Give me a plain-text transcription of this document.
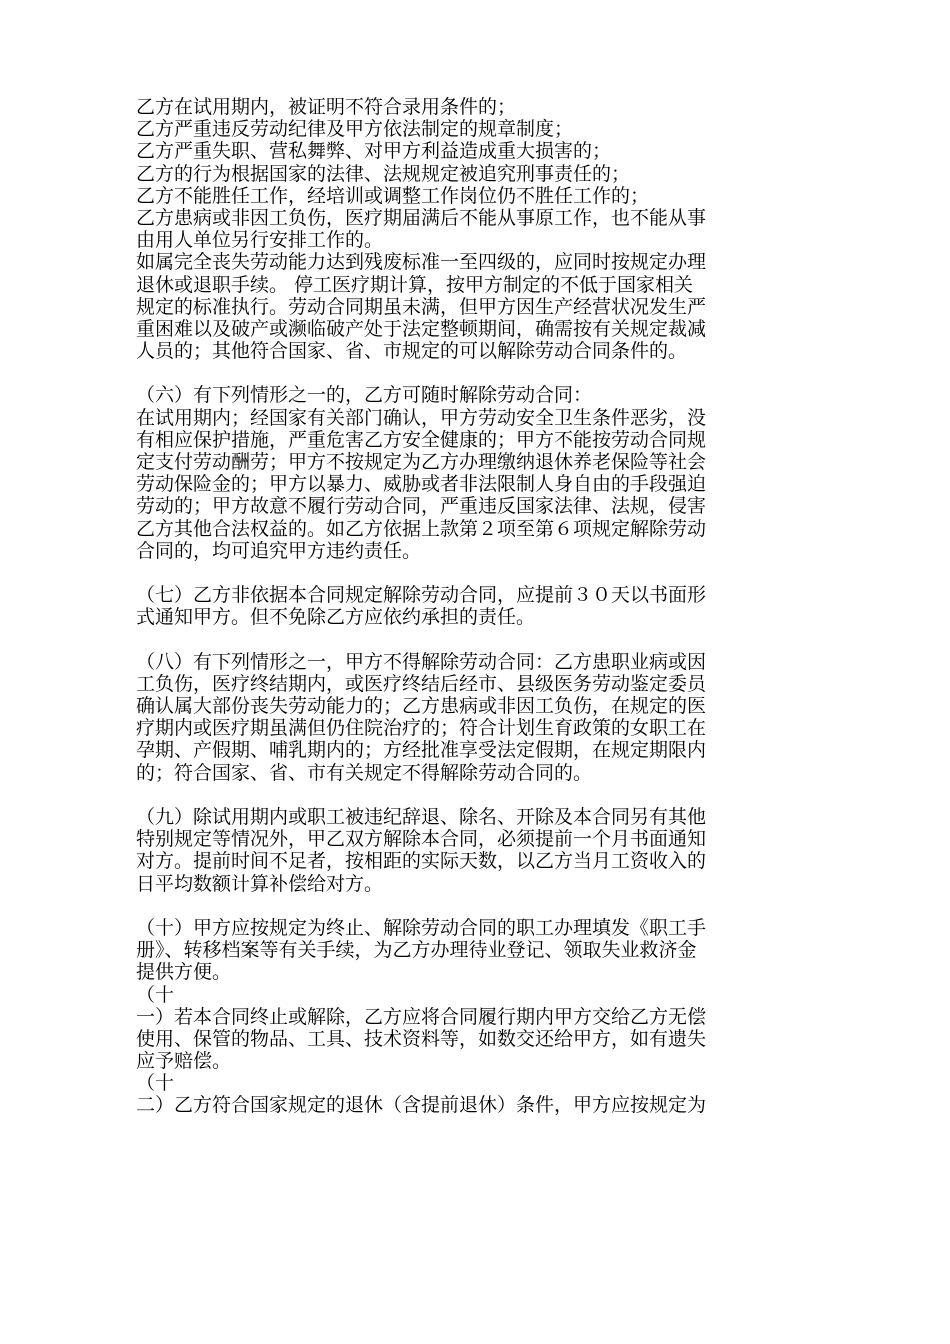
乙方在试用期内，被证明不符合录用条件的；
乙方严重违反劳动纪律及甲方依法制定的规章制度；
乙方严重失职、营私舞弊、对甲方利益造成重大损害的；
乙方的行为根据国家的法律、法规规定被追究刑事责任的；
乙方不能胜任工作，经培训或调整工作岗位仍不胜任工作的；
乙方患病或非因工负伤，医疗期届满后不能从事原工作，也不能从事
由用人单位另行安排工作的。
如属完全丧失劳动能力达到残废标准一至四级的，应同时按规定办理
退休或退职手续。 停工医疗期计算，按甲方制定的不低于国家相关
规定的标准执行。劳动合同期虽未满，但甲方因生产经营状况发生严
重困难以及破产或濒临破产处于法定整顿期间，确需按有关规定裁减
人员的；其他符合国家、省、市规定的可以解除劳动合同条件的。
（六）有下列情形之一的，乙方可随时解除劳动合同：
在试用期内；经国家有关部门确认，甲方劳动安全卫生条件恶劣，没
有相应保护措施，严重危害乙方安全健康的；甲方不能按劳动合同规
定支付劳动酬劳；甲方不按规定为乙方办理缴纳退休养老保险等社会
劳动保险金的；甲方以暴力、威胁或者非法限制人身自由的手段强迫
劳动的；甲方故意不履行劳动合同，严重违反国家法律、法规，侵害
乙方其他合法权益的。如乙方依据上款第２项至第６项规定解除劳动
合同的，均可追究甲方违约责任。
（七）乙方非依据本合同规定解除劳动合同，应提前３０天以书面形
式通知甲方。但不免除乙方应依约承担的责任。
（八）有下列情形之一，甲方不得解除劳动合同：乙方患职业病或因
工负伤，医疗终结期内，或医疗终结后经市、县级医务劳动鉴定委员
确认属大部份丧失劳动能力的；乙方患病或非因工负伤，在规定的医
疗期内或医疗期虽满但仍住院治疗的；符合计划生育政策的女职工在
孕期、产假期、哺乳期内的；方经批准享受法定假期，在规定期限内
的；符合国家、省、市有关规定不得解除劳动合同的。
（九）除试用期内或职工被违纪辞退、除名、开除及本合同另有其他
特别规定等情况外，甲乙双方解除本合同，必须提前一个月书面通知
对方。提前时间不足者，按相距的实际天数，以乙方当月工资收入的
日平均数额计算补偿给对方。
（十）甲方应按规定为终止、解除劳动合同的职工办理填发《职工手
册》、转移档案等有关手续，为乙方办理待业登记、领取失业救济金
提供方便。
（十
一）若本合同终止或解除，乙方应将合同履行期内甲方交给乙方无偿
使用、保管的物品、工具、技术资料等，如数交还给甲方，如有遗失
应予赔偿。
（十
二）乙方符合国家规定的退休（含提前退休）条件，甲方应按规定为
